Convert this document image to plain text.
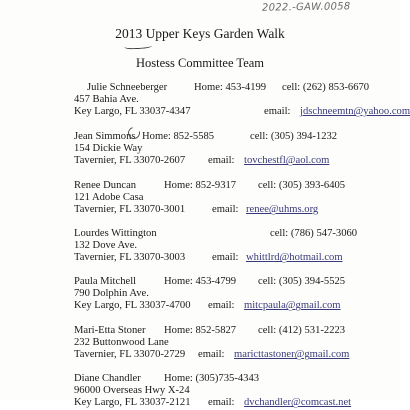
2022.-GAW.0058
2013 Upper Keys Garden Walk
Hostess Committee Team
Julie Schneeberger	Home: 453-4199 cell: (262) 853-6670
457 Bahia Ave.
Key Largo, FL 33037-4347	email: jdschneemtn@yahoo.com
Jean Simmons Home: 852-5585	cell: (305) 394-1232
154 Dickie Way
Tavernier, FL 33070-2607 email: tovchestfl@aol.com
Renee Duncan	Home: 852-9317 cell: (305) 393-6405
121 Adobe Casa
Tavernier, FL 33070-3001	email: renee@uhms.org
Lourdes Wittington	cell: (786) 547-3060
132 Dove Ave.
Tavernier, FL 33070-3003	email: whittlrd@hotmail.com
Paula Mitchell	Home: 453-4799 cell: (305) 394-5525
790 Dolphin Ave.
Key Largo, FL 33037-4700 email: mitcpaula@gmail.com
Mari-Etta Stoner Home: 852-5827 cell: (412) 531-2223
232 Buttonwood Lane
Tavernier, FL 33070-2729 email: maricttastoner@gmail.com
Diane Chandler Home: (305)735-4343
96000 Overseas Hwy X-24
Key Largo, FL 33037-2121 email: dvchandler@comcast.net
